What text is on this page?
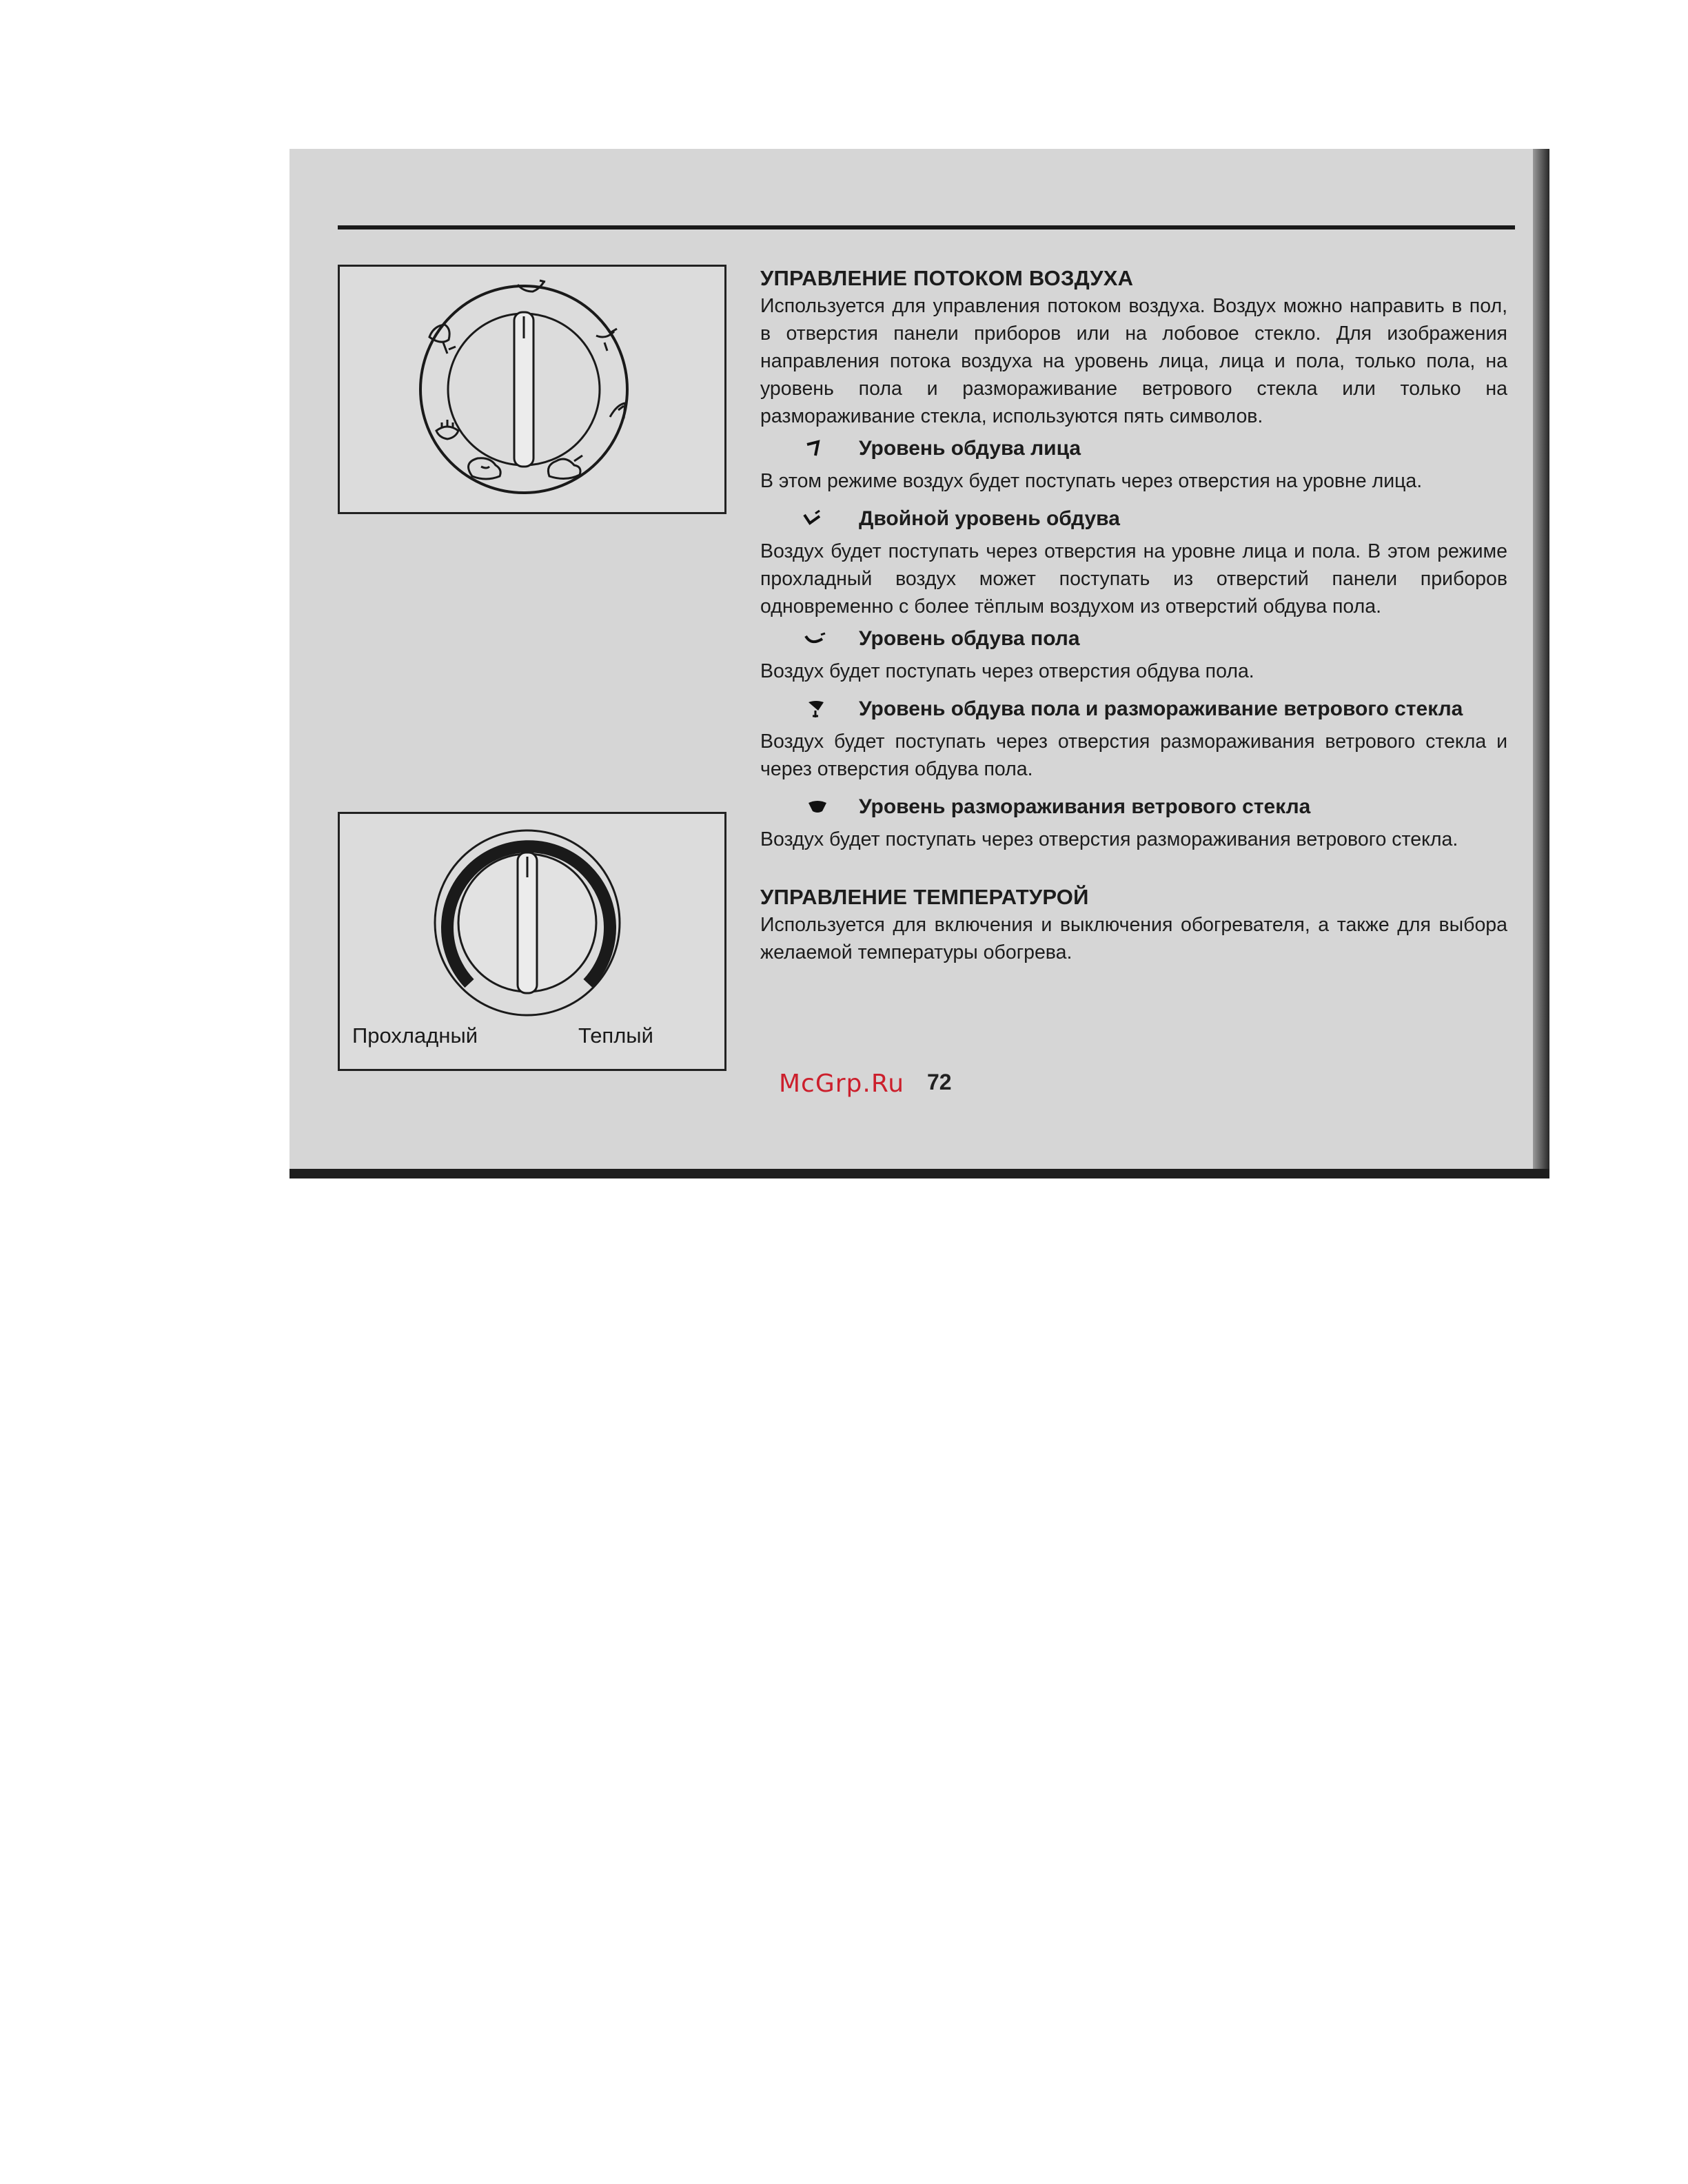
Прохладный	Теплый
УПРАВЛЕНИЕ ПОТОКОМ ВОЗДУХА

Используется для управления потоком воздуха. Воздух можно направить в пол, в отверстия панели приборов или на лобовое стекло. Для изображения направления потока воздуха на уровень лица, лица и пола, только пола, на уровень пола и размораживание ветрового стекла или только на размораживание стекла, используются пять символов.

Уровень обдува лица

В этом режиме воздух будет поступать через отверстия на уровне лица.

Двойной уровень обдува

Воздух будет поступать через отверстия на уровне лица и пола. В этом режиме прохладный воздух может поступать из отверстий панели приборов одновременно с более тёплым воздухом из отверстий обдува пола.

Уровень обдува пола

Воздух будет поступать через отверстия обдува пола.

Уровень обдува пола и размораживание ветрового стекла

Воздух будет поступать через отверстия размораживания ветрового стекла и через отверстия обдува пола.

Уровень размораживания ветрового стекла

Воздух будет поступать через отверстия размораживания ветрового стекла.

УПРАВЛЕНИЕ ТЕМПЕРАТУРОЙ

Используется для включения и выключения обогревателя, а также для выбора желаемой температуры обогрева.

McGrp.Ru 72
